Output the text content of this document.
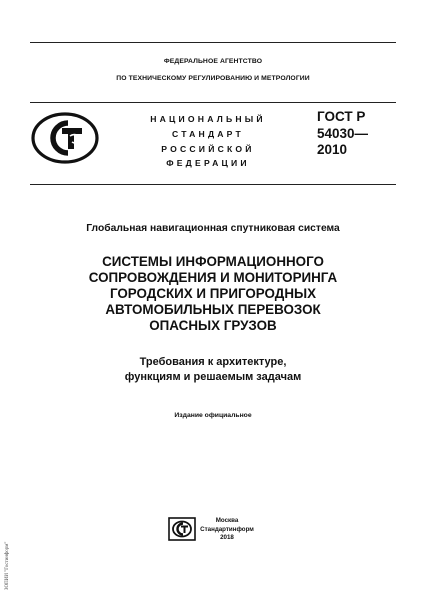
ФЕДЕРАЛЬНОЕ АГЕНТСТВО
ПО ТЕХНИЧЕСКОМУ РЕГУЛИРОВАНИЮ И МЕТРОЛОГИИ
НАЦИОНАЛЬНЫЙ
СТАНДАРТ
РОССИЙСКОЙ
ФЕДЕРАЦИИ
ГОСТ Р
54030—
2010
Глобальная навигационная спутниковая система
СИСТЕМЫ ИНФОРМАЦИОННОГО
СОПРОВОЖДЕНИЯ И МОНИТОРИНГА
ГОРОДСКИХ И ПРИГОРОДНЫХ
АВТОМОБИЛЬНЫХ ПЕРЕВОЗОК
ОПАСНЫХ ГРУЗОВ
Требования к архитектуре,
функциям и решаемым задачам
Издание официальное
Москва
Стандартинформ
2018
ЗОПИИ "Гостинформ"
